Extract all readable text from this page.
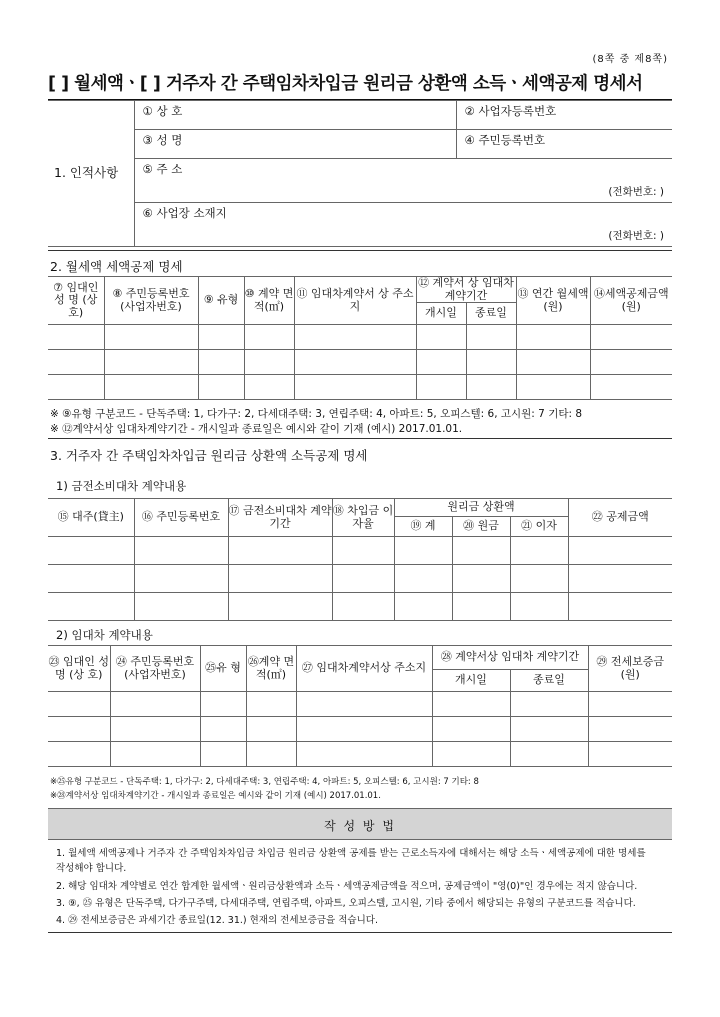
(8쪽 중 제8쪽)
[ ] 월세액ㆍ[ ] 거주자 간 주택임차차입금 원리금 상환액 소득ㆍ세액공제 명세서
1. 인적사항	① 상 호	② 사업자등록번호
	③ 성 명	④ 주민등록번호
	⑤ 주 소
(전화번호: )	

	⑥ 사업장 소재지
(전화번호: )	
2. 월세액 세액공제 명세
⑦ 임대인 성 명 (상 호)	⑧ 주민등록번호 (사업자번호)	⑨ 유형	⑩ 계약 면적(㎡)	⑪ 임대차계약서 상 주소지	⑫ 계약서 상 임대차 계약기간		⑬ 연간 월세액(원)	⑭세액공제금액 (원)
					개시일	종료일		

※ ⑨유형 구분코드 - 단독주택: 1, 다가구: 2, 다세대주택: 3, 연립주택: 4, 아파트: 5, 오피스텔: 6, 고시원: 7 기타: 8
※ ⑫계약서상 임대차계약기간 - 개시일과 종료일은 예시와 같이 기재 (예시) 2017.01.01.
3. 거주자 간 주택임차차입금 원리금 상환액 소득공제 명세
1) 금전소비대차 계약내용
⑮ 대주(貸主)	⑯ 주민등록번호	⑰ 금전소비대차 계약기간	⑱ 차입금 이자율	원리금 상환액			㉒ 공제금액
				⑲ 계	⑳ 원금	㉑ 이자	

2) 임대차 계약내용
㉓ 임대인 성 명 (상 호)	㉔ 주민등록번호 (사업자번호)	㉕유 형	㉖계약 면적(㎡)	㉗ 임대차계약서상 주소지	㉘ 계약서상 임대차 계약기간		㉙ 전세보증금 (원)
					개시일	종료일	

※㉕유형 구분코드 - 단독주택: 1, 다가구: 2, 다세대주택: 3, 연립주택: 4, 아파트: 5, 오피스텔: 6, 고시원: 7 기타: 8
※㉘계약서상 임대차계약기간 - 개시일과 종료일은 예시와 같이 기재 (예시) 2017.01.01.
작 성 방 법
1. 월세액 세액공제나 거주자 간 주택임차차입금 차입금 원리금 상환액 공제를 받는 근로소득자에 대해서는 해당 소득ㆍ세액공제에 대한 명세를
작성해야 합니다.
2. 해당 임대차 계약별로 연간 합계한 월세액ㆍ원리금상환액과 소득ㆍ세액공제금액을 적으며, 공제금액이 "영(0)"인 경우에는 적지 않습니다.
3. ⑨, ㉕ 유형은 단독주택, 다가구주택, 다세대주택, 연립주택, 아파트, 오피스텔, 고시원, 기타 중에서 해당되는 유형의 구분코드를 적습니다.
4. ㉙ 전세보증금은 과세기간 종료일(12. 31.) 현재의 전세보증금을 적습니다.
